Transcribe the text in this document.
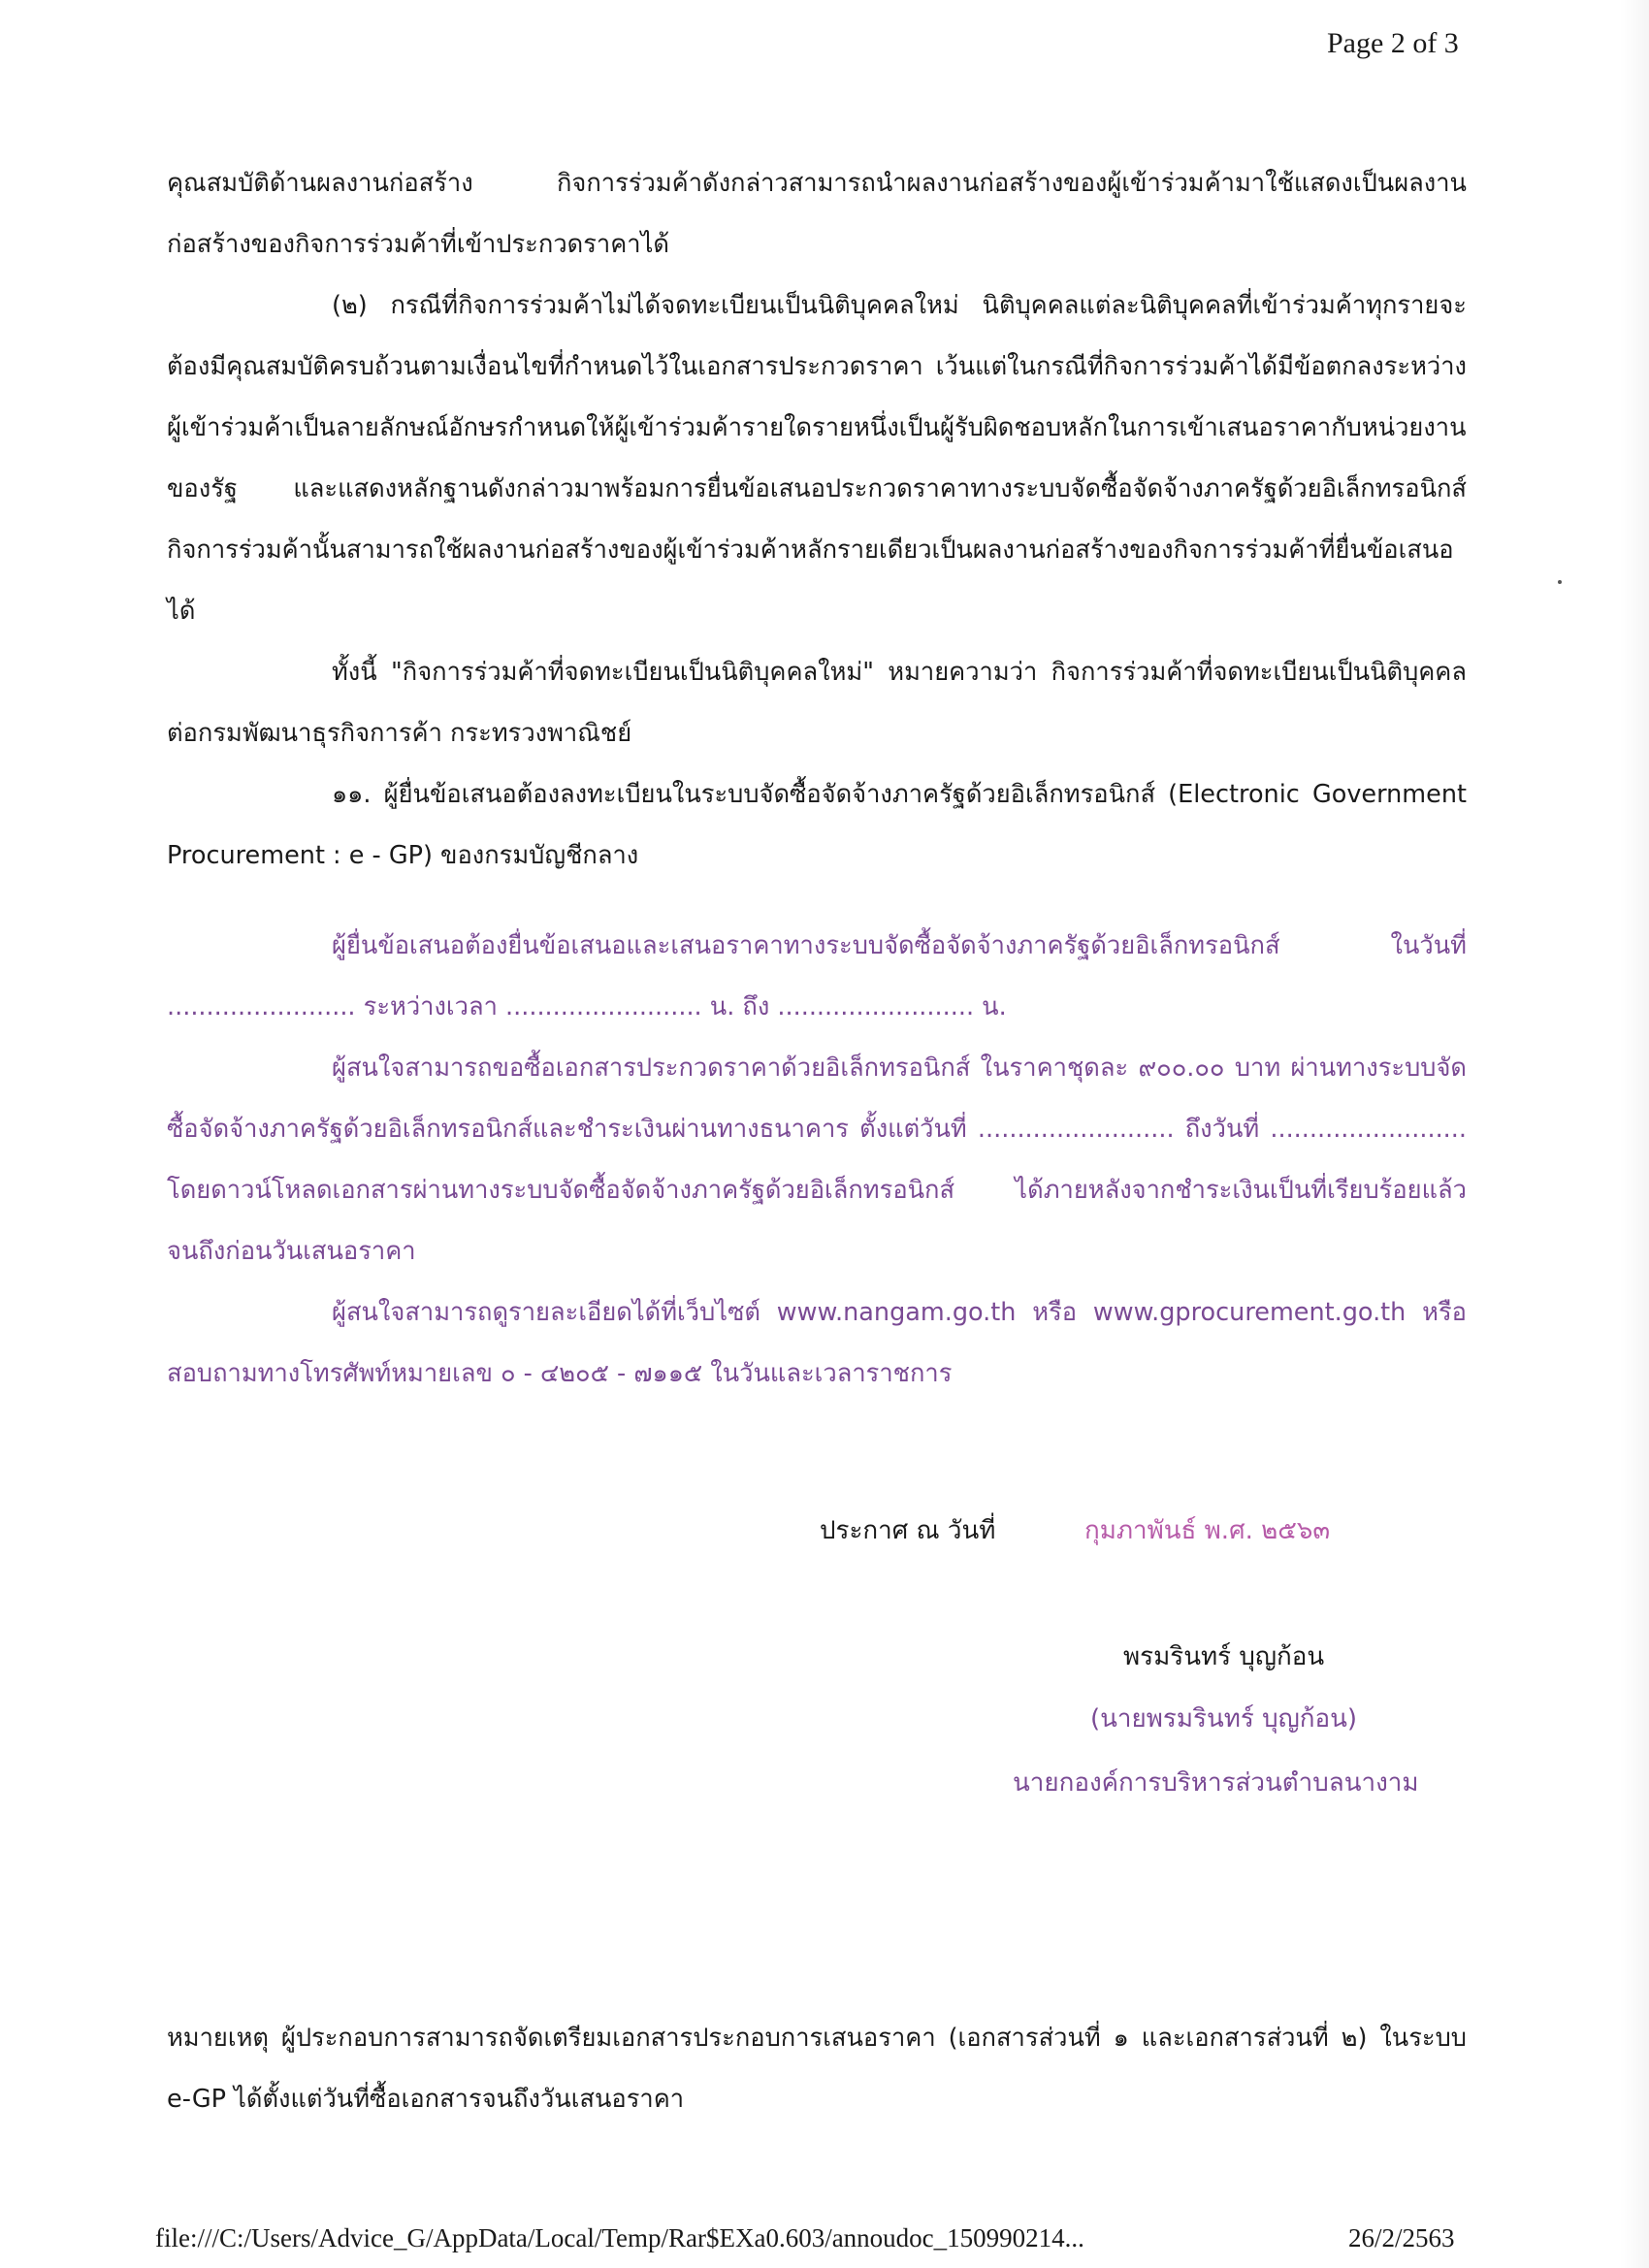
Page 2 of 3

คุณสมบัติด้านผลงานก่อสร้าง กิจการร่วมค้าดังกล่าวสามารถนำผลงานก่อสร้างของผู้เข้าร่วมค้ามาใช้แสดงเป็นผลงานก่อสร้างของกิจการร่วมค้าที่เข้าประกวดราคาได้

(๒) กรณีที่กิจการร่วมค้าไม่ได้จดทะเบียนเป็นนิติบุคคลใหม่ นิติบุคคลแต่ละนิติบุคคลที่เข้าร่วมค้าทุกรายจะต้องมีคุณสมบัติครบถ้วนตามเงื่อนไขที่กำหนดไว้ในเอกสารประกวดราคา เว้นแต่ในกรณีที่กิจการร่วมค้าได้มีข้อตกลงระหว่างผู้เข้าร่วมค้าเป็นลายลักษณ์อักษรกำหนดให้ผู้เข้าร่วมค้ารายใดรายหนึ่งเป็นผู้รับผิดชอบหลักในการเข้าเสนอราคากับหน่วยงานของรัฐ และแสดงหลักฐานดังกล่าวมาพร้อมการยื่นข้อเสนอประกวดราคาทางระบบจัดซื้อจัดจ้างภาครัฐด้วยอิเล็กทรอนิกส์ กิจการร่วมค้านั้นสามารถใช้ผลงานก่อสร้างของผู้เข้าร่วมค้าหลักรายเดียวเป็นผลงานก่อสร้างของกิจการร่วมค้าที่ยื่นข้อเสนอได้

ทั้งนี้ "กิจการร่วมค้าที่จดทะเบียนเป็นนิติบุคคลใหม่" หมายความว่า กิจการร่วมค้าที่จดทะเบียนเป็นนิติบุคคลต่อกรมพัฒนาธุรกิจการค้า กระทรวงพาณิชย์

๑๑. ผู้ยื่นข้อเสนอต้องลงทะเบียนในระบบจัดซื้อจัดจ้างภาครัฐด้วยอิเล็กทรอนิกส์ (Electronic Government Procurement : e - GP) ของกรมบัญชีกลาง

ผู้ยื่นข้อเสนอต้องยื่นข้อเสนอและเสนอราคาทางระบบจัดซื้อจัดจ้างภาครัฐด้วยอิเล็กทรอนิกส์ ในวันที่ ........................ ระหว่างเวลา ......................... น. ถึง ......................... น.

ผู้สนใจสามารถขอซื้อเอกสารประกวดราคาด้วยอิเล็กทรอนิกส์ ในราคาชุดละ ๙๐๐.๐๐ บาท ผ่านทางระบบจัดซื้อจัดจ้างภาครัฐด้วยอิเล็กทรอนิกส์และชำระเงินผ่านทางธนาคาร ตั้งแต่วันที่ ......................... ถึงวันที่ ......................... โดยดาวน์โหลดเอกสารผ่านทางระบบจัดซื้อจัดจ้างภาครัฐด้วยอิเล็กทรอนิกส์ ได้ภายหลังจากชำระเงินเป็นที่เรียบร้อยแล้วจนถึงก่อนวันเสนอราคา

ผู้สนใจสามารถดูรายละเอียดได้ที่เว็บไซต์ www.nangam.go.th หรือ www.gprocurement.go.th หรือสอบถามทางโทรศัพท์หมายเลข ๐ - ๔๒๐๕ - ๗๑๑๕ ในวันและเวลาราชการ

ประกาศ ณ วันที่	กุมภาพันธ์ พ.ศ. ๒๕๖๓
พรมรินทร์ บุญก้อน
(นายพรมรินทร์ บุญก้อน)
นายกองค์การบริหารส่วนตำบลนางาม

หมายเหตุ ผู้ประกอบการสามารถจัดเตรียมเอกสารประกอบการเสนอราคา (เอกสารส่วนที่ ๑ และเอกสารส่วนที่ ๒) ในระบบ e-GP ได้ตั้งแต่วันที่ซื้อเอกสารจนถึงวันเสนอราคา

file:///C:/Users/Advice_G/AppData/Local/Temp/Rar$EXa0.603/annoudoc_150990214...	26/2/2563
